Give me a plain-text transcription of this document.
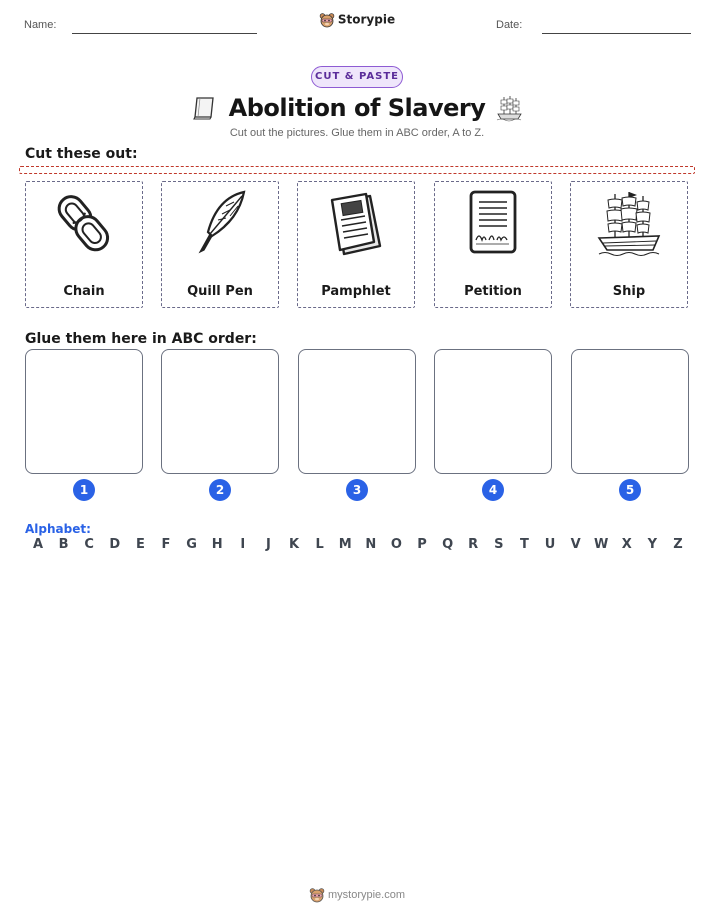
Name:	Storypie	Date:
CUT & PASTE
Abolition of Slavery
Cut out the pictures. Glue them in ABC order, A to Z.
Cut these out:
Chain	Quill Pen	Pamphlet	Petition	Ship
Glue them here in ABC order:
1	2	3	4	5
Alphabet:
A	B	C	D	E	F	G	H	I	J	K	L	M	N	O	P	Q	R	S	T	U	V	W	X	Y	Z
mystorypie.com
